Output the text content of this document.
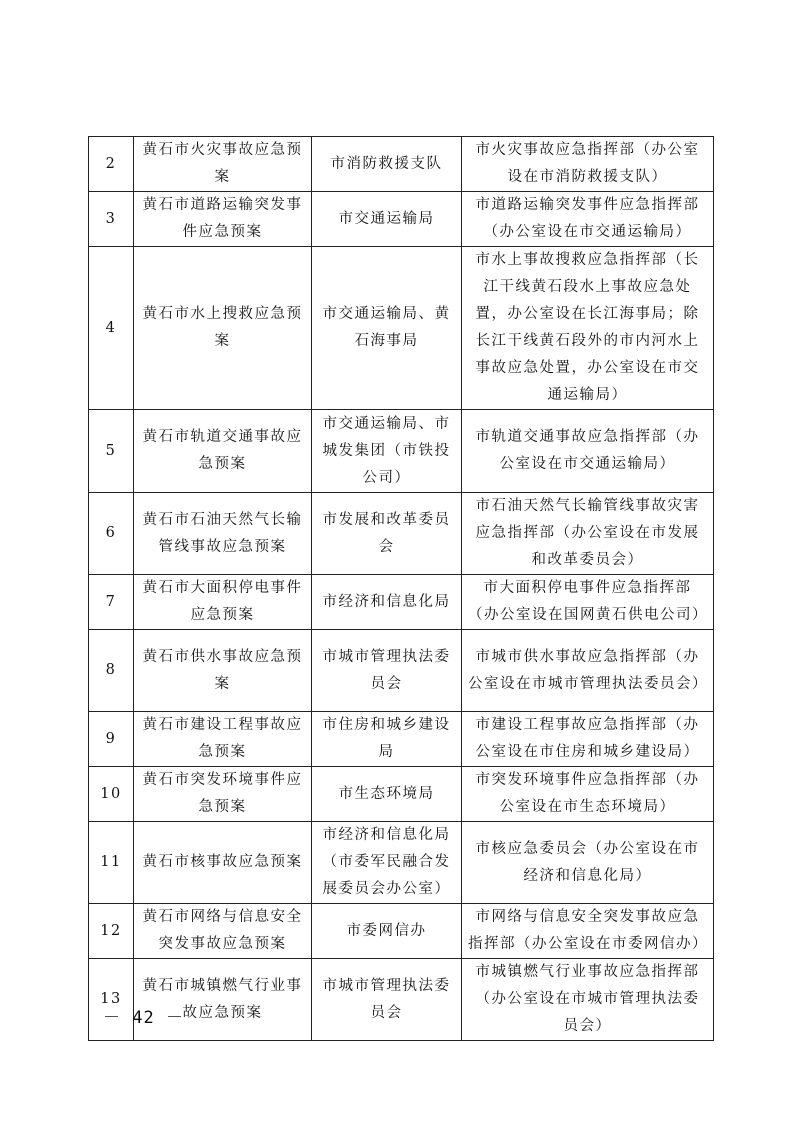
2	黄石市火灾事故应急预案	市消防救援支队	市火灾事故应急指挥部（办公室设在市消防救援支队）
3	黄石市道路运输突发事件应急预案	市交通运输局	市道路运输突发事件应急指挥部（办公室设在市交通运输局）
4	黄石市水上搜救应急预案	市交通运输局、黄石海事局	市水上事故搜救应急指挥部（长江干线黄石段水上事故应急处置，办公室设在长江海事局；除长江干线黄石段外的市内河水上事故应急处置，办公室设在市交通运输局）
5	黄石市轨道交通事故应急预案	市交通运输局、市城发集团（市铁投公司）	市轨道交通事故应急指挥部（办公室设在市交通运输局）
6	黄石市石油天然气长输管线事故应急预案	市发展和改革委员会	市石油天然气长输管线事故灾害应急指挥部（办公室设在市发展和改革委员会）
7	黄石市大面积停电事件应急预案	市经济和信息化局	市大面积停电事件应急指挥部（办公室设在国网黄石供电公司）
8	黄石市供水事故应急预案	市城市管理执法委员会	市城市供水事故应急指挥部（办公室设在市城市管理执法委员会）
9	黄石市建设工程事故应急预案	市住房和城乡建设局	市建设工程事故应急指挥部（办公室设在市住房和城乡建设局）
10	黄石市突发环境事件应急预案	市生态环境局	市突发环境事件应急指挥部（办公室设在市生态环境局）
11	黄石市核事故应急预案	市经济和信息化局（市委军民融合发展委员会办公室）	市核应急委员会（办公室设在市经济和信息化局）
12	黄石市网络与信息安全突发事故应急预案	市委网信办	市网络与信息安全突发事故应急指挥部（办公室设在市委网信办）
13	黄石市城镇燃气行业事故应急预案	市城市管理执法委员会	市城镇燃气行业事故应急指挥部（办公室设在市城市管理执法委员会）
－ 42 －
